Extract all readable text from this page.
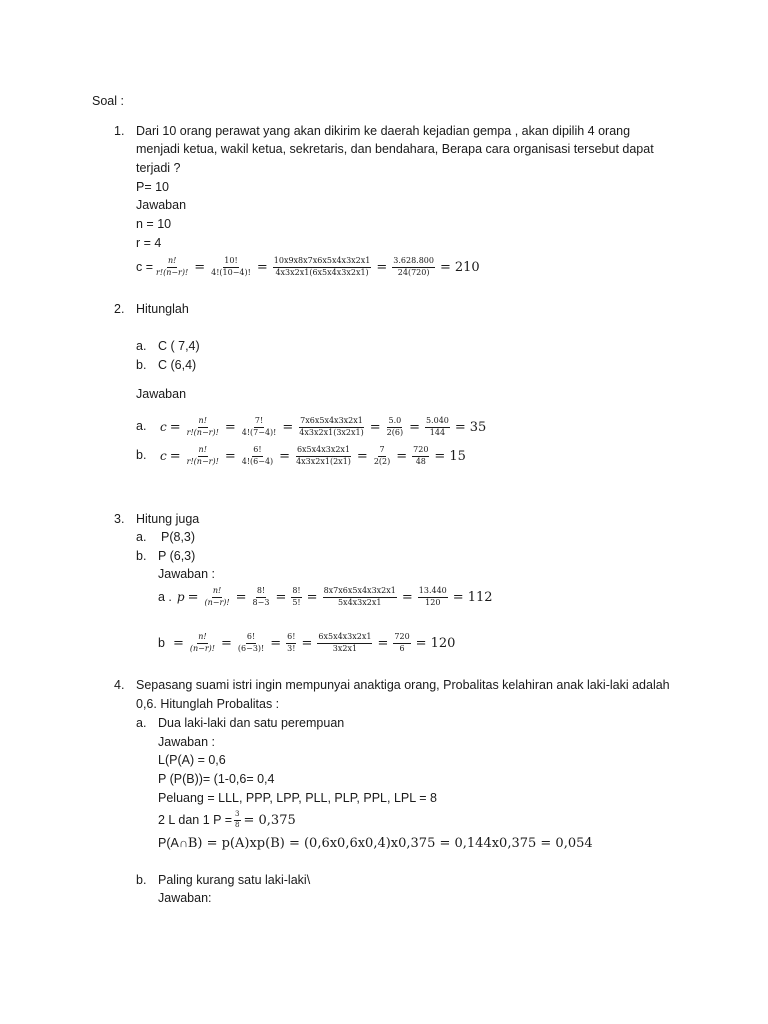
Soal :
1. Dari 10 orang perawat yang akan dikirim ke daerah kejadian gempa , akan dipilih 4 orang
menjadi ketua, wakil ketua, sekretaris, dan bendahara, Berapa cara organisasi tersebut dapat
terjadi ?
P= 10
Jawaban
n = 10
r = 4
$c = \frac{n!}{r!(n-r)!} = \frac{10!}{4!(10-4)!} = \frac{10x9x8x7x6x5x4x3x2x1}{4x3x2x1(6x5x4x3x2x1)} = \frac{3.628.800}{24(720)} = 210$
2. Hitunglah
a. C ( 7,4)
b. C (6,4)
Jawaban
a. $c = \frac{n!}{r!(n-r)!} = \frac{7!}{4!(7-4)!} = \frac{7x6x5x4x3x2x1}{4x3x2x1(3x2x1)} = \frac{5.0}{2(6)} = \frac{5.040}{144} = 35$
b. $c = \frac{n!}{r!(n-r)!} = \frac{6!}{4!(6-4)} = \frac{6x5x4x3x2x1}{4x3x2x1(2x1)} = \frac{7}{2(2)} = \frac{720}{48} = 15$
3. Hitung juga
a. P(8,3)
b. P (6,3)
Jawaban :
a . $p = \frac{n!}{(n-r)!} = \frac{8!}{8-3} = \frac{8!}{5!} = \frac{8x7x6x5x4x3x2x1}{5x4x3x2x1} = \frac{13.440}{120} = 112$
$b = \frac{n!}{(n-r)!} = \frac{6!}{(6-3)!} = \frac{6!}{3!} = \frac{6x5x4x3x2x1}{3x2x1} = \frac{720}{6} = 120$
4. Sepasang suami istri ingin mempunyai anaktiga orang, Probalitas kelahiran anak laki-laki adalah
0,6. Hitunglah Probalitas :
a. Dua laki-laki dan satu perempuan
Jawaban :
L(P(A) = 0,6
P (P(B))= (1-0,6= 0,4
Peluang = LLL, PPP, LPP, PLL, PLP, PPL, LPL = 8
2 L dan 1 $P = \frac{3}{8} = 0,375$
P(A∩ B) = p(A)xp(B) = (0,6x0,6x0,4)x0,375 = 0,144x0,375 = 0,054
b. Paling kurang satu laki-laki\
Jawaban:
